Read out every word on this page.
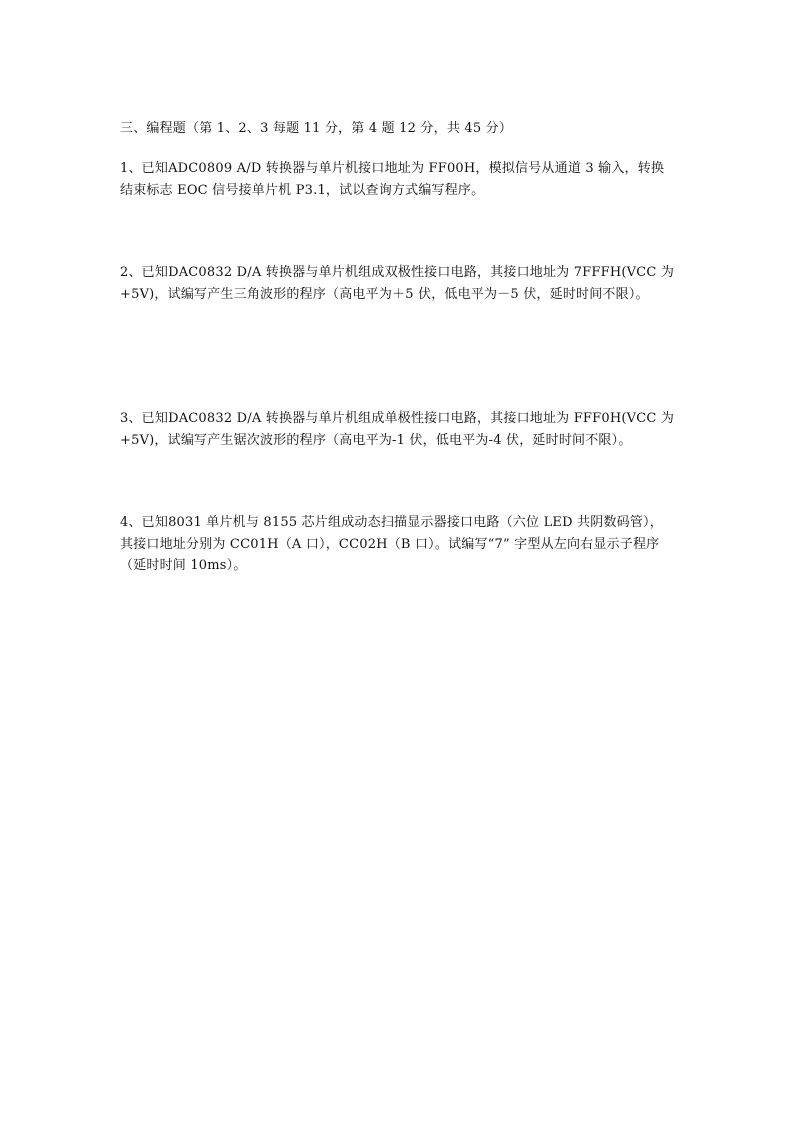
三、编程题（第 1、2、3 每题 11 分，第 4 题 12 分，共 45 分）
1、已知ADC0809 A/D 转换器与单片机接口地址为 FF00H，模拟信号从通道 3 输入，转换
结束标志 EOC 信号接单片机 P3.1，试以查询方式编写程序。
2、已知DAC0832 D/A 转换器与单片机组成双极性接口电路，其接口地址为 7FFFH(VCC 为
+5V)，试编写产生三角波形的程序（高电平为＋5 伏，低电平为－5 伏，延时时间不限）。
3、已知DAC0832 D/A 转换器与单片机组成单极性接口电路，其接口地址为 FFF0H(VCC 为
+5V)，试编写产生锯次波形的程序（高电平为-1 伏，低电平为-4 伏，延时时间不限）。
4、已知8031 单片机与 8155 芯片组成动态扫描显示器接口电路（六位 LED 共阴数码管），
其接口地址分别为 CC01H（A 口），CC02H（B 口）。试编写“7” 字型从左向右显示子程序
（延时时间 10ms）。
